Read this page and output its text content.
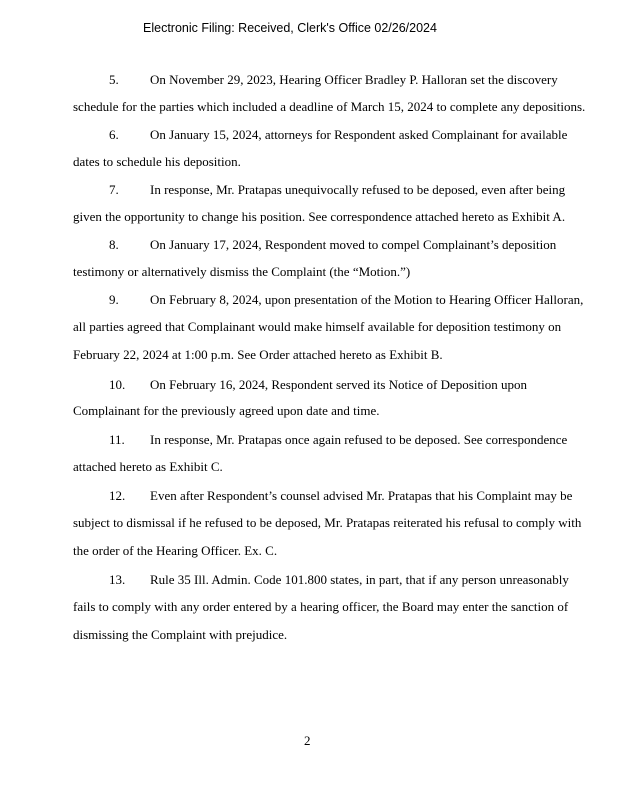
Electronic Filing: Received, Clerk's Office 02/26/2024
5. On November 29, 2023, Hearing Officer Bradley P. Halloran set the discovery
schedule for the parties which included a deadline of March 15, 2024 to complete any depositions.
6. On January 15, 2024, attorneys for Respondent asked Complainant for available
dates to schedule his deposition.
7. In response, Mr. Pratapas unequivocally refused to be deposed, even after being
given the opportunity to change his position. See correspondence attached hereto as Exhibit A.
8. On January 17, 2024, Respondent moved to compel Complainant’s deposition
testimony or alternatively dismiss the Complaint (the “Motion.”)
9. On February 8, 2024, upon presentation of the Motion to Hearing Officer Halloran,
all parties agreed that Complainant would make himself available for deposition testimony on
February 22, 2024 at 1:00 p.m. See Order attached hereto as Exhibit B.
10. On February 16, 2024, Respondent served its Notice of Deposition upon
Complainant for the previously agreed upon date and time.
11. In response, Mr. Pratapas once again refused to be deposed. See correspondence
attached hereto as Exhibit C.
12. Even after Respondent’s counsel advised Mr. Pratapas that his Complaint may be
subject to dismissal if he refused to be deposed, Mr. Pratapas reiterated his refusal to comply with
the order of the Hearing Officer. Ex. C.
13. Rule 35 Ill. Admin. Code 101.800 states, in part, that if any person unreasonably
fails to comply with any order entered by a hearing officer, the Board may enter the sanction of
dismissing the Complaint with prejudice.
2
